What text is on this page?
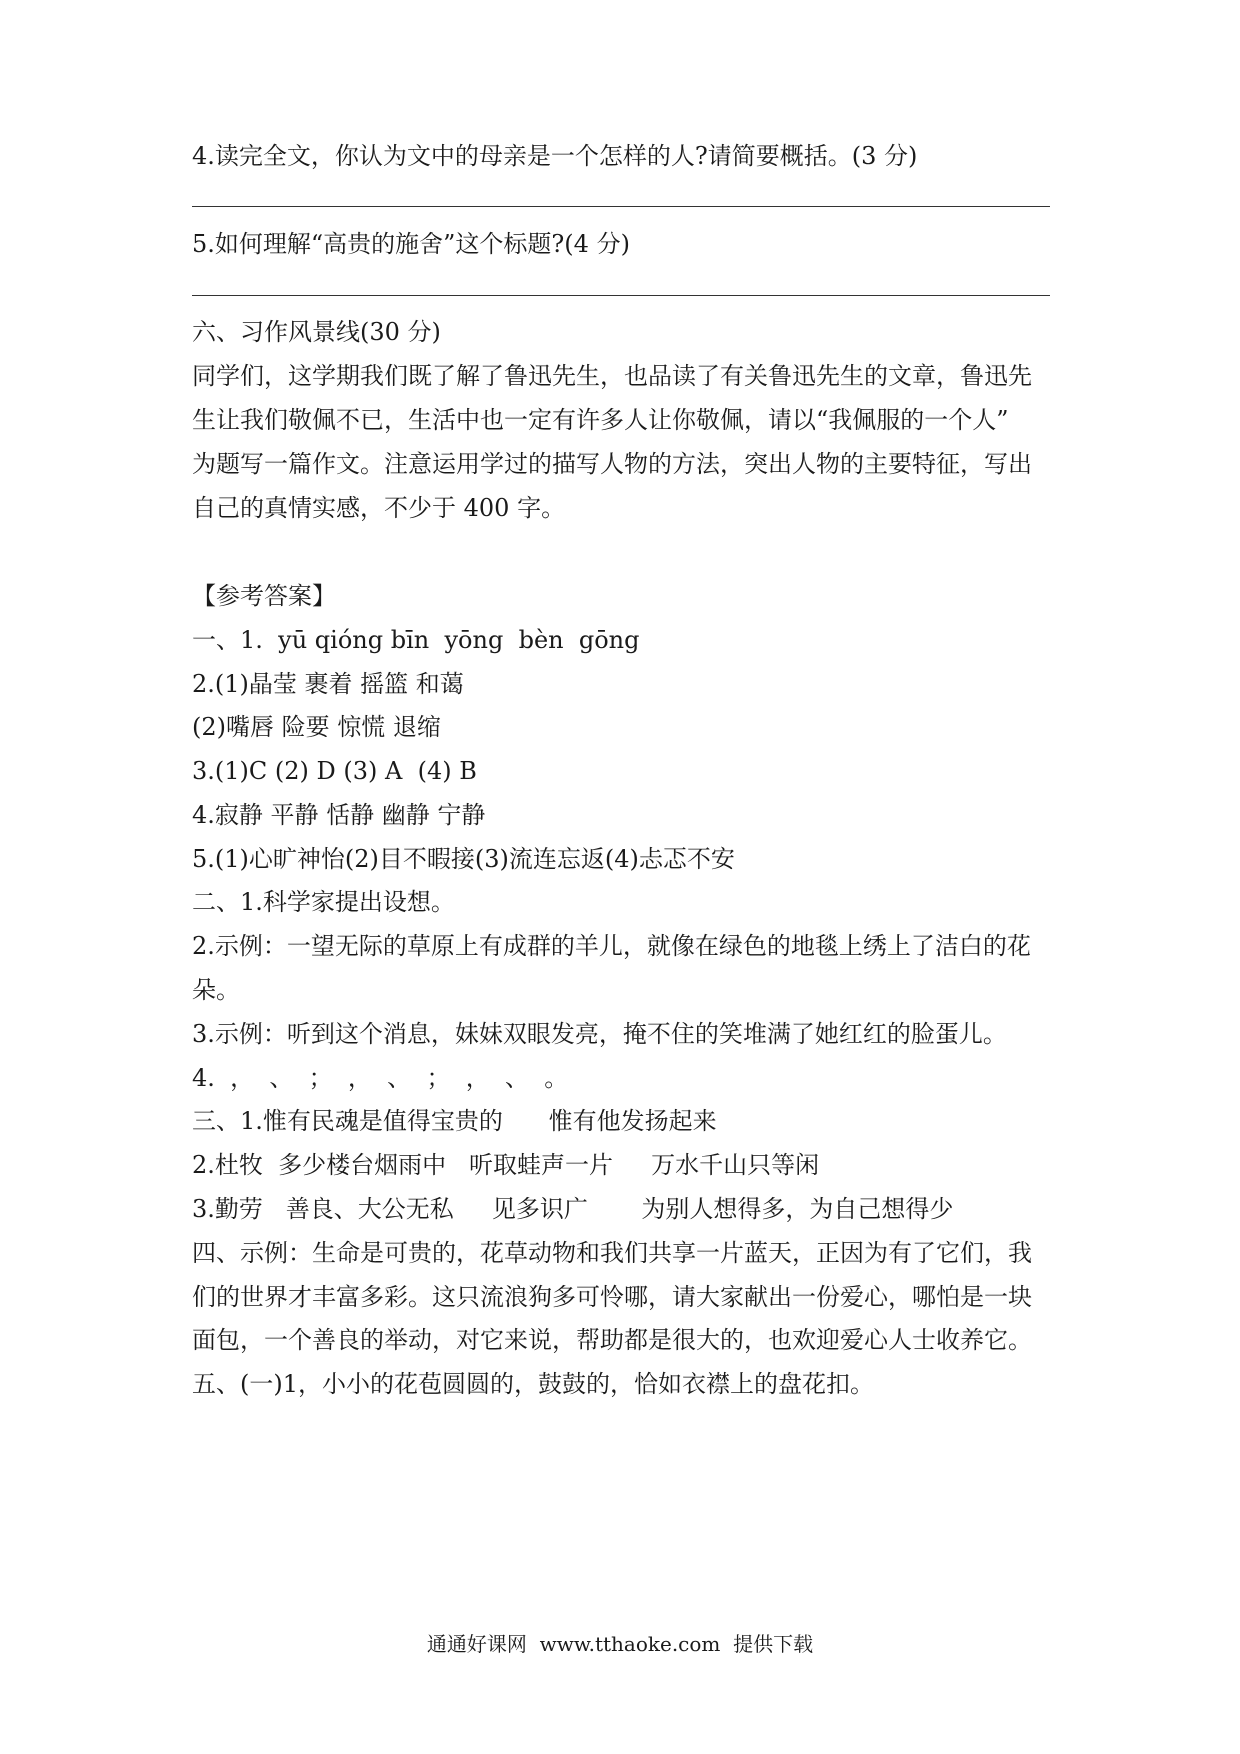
4.读完全文，你认为文中的母亲是一个怎样的人?请简要概括。(3 分)
5.如何理解“高贵的施舍”这个标题?(4 分)
六、习作风景线(30 分)
同学们，这学期我们既了解了鲁迅先生，也品读了有关鲁迅先生的文章，鲁迅先
生让我们敬佩不已，生活中也一定有许多人让你敬佩，请以“我佩服的一个人”
为题写一篇作文。注意运用学过的描写人物的方法，突出人物的主要特征，写出
自己的真情实感，不少于 400 字。
【参考答案】
一、1.  yū qióng bīn  yōng  bèn  gōng
2.(1)晶莹 裹着 摇篮 和蔼
(2)嘴唇 险要 惊慌 退缩
3.(1)C (2) D (3) A  (4) B
4.寂静 平静 恬静 幽静 宁静
5.(1)心旷神怡(2)目不暇接(3)流连忘返(4)忐忑不安
二、1.科学家提出设想。
2.示例：一望无际的草原上有成群的羊儿，就像在绿色的地毯上绣上了洁白的花
朵。
3.示例：听到这个消息，妹妹双眼发亮，掩不住的笑堆满了她红红的脸蛋儿。
4.  ，  、  ；  ，  、  ；  ，  、  。
三、1.惟有民魂是值得宝贵的      惟有他发扬起来
2.杜牧  多少楼台烟雨中   听取蛙声一片     万水千山只等闲
3.勤劳   善良、大公无私     见多识广       为别人想得多，为自己想得少
四、示例：生命是可贵的，花草动物和我们共享一片蓝天，正因为有了它们，我
们的世界才丰富多彩。这只流浪狗多可怜哪，请大家献出一份爱心，哪怕是一块
面包，一个善良的举动，对它来说，帮助都是很大的，也欢迎爱心人士收养它。
五、(一)1，小小的花苞圆圆的，鼓鼓的，恰如衣襟上的盘花扣。
通通好课网  www.tthaoke.com  提供下载
